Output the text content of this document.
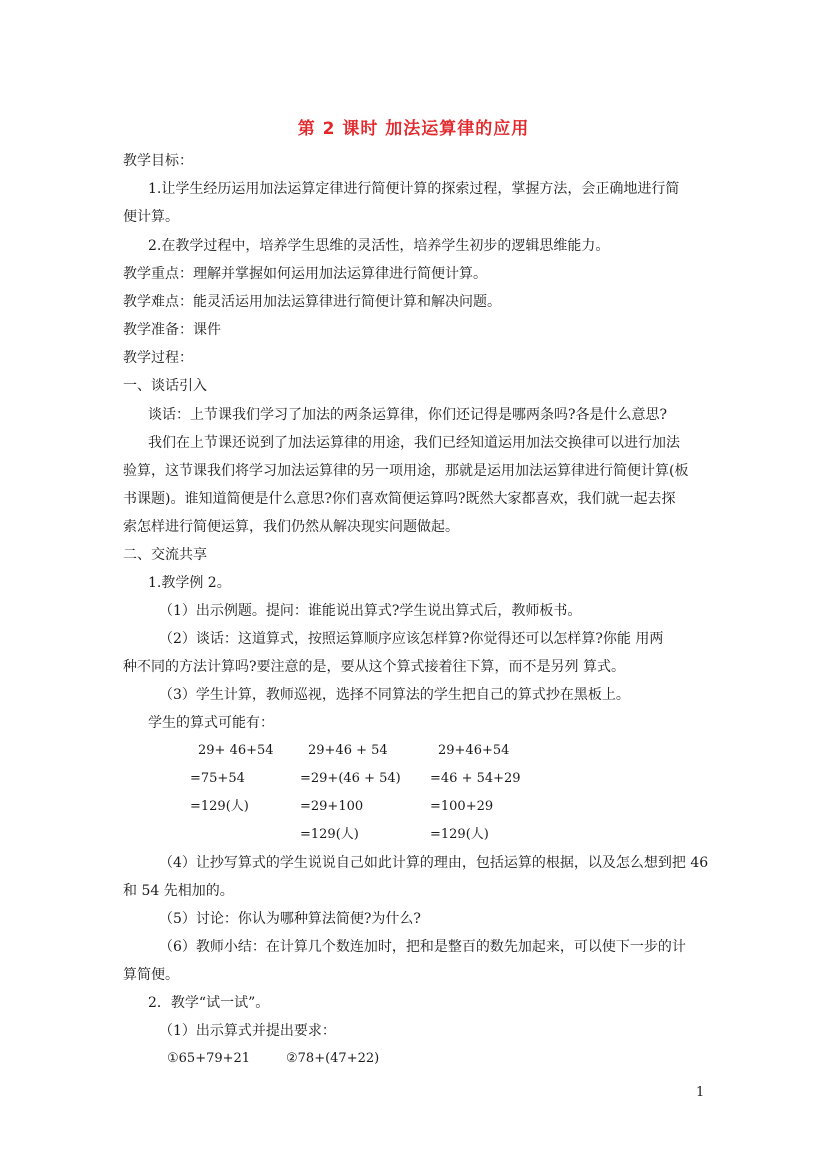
第 2 课时 加法运算律的应用
教学目标：
1.让学生经历运用加法运算定律进行简便计算的探索过程，掌握方法，会正确地进行简
便计算。
2.在教学过程中，培养学生思维的灵活性，培养学生初步的逻辑思维能力。
教学重点：理解并掌握如何运用加法运算律进行简便计算。
教学难点：能灵活运用加法运算律进行简便计算和解决问题。
教学准备：课件
教学过程：
一、谈话引入
谈话：上节课我们学习了加法的两条运算律，你们还记得是哪两条吗?各是什么意思?
我们在上节课还说到了加法运算律的用途，我们已经知道运用加法交换律可以进行加法
验算，这节课我们将学习加法运算律的另一项用途，那就是运用加法运算律进行简便计算(板
书课题)。谁知道简便是什么意思?你们喜欢简便运算吗?既然大家都喜欢，我们就一起去探
索怎样进行简便运算，我们仍然从解决现实问题做起。
二、交流共享
1.教学例 2。
（1）出示例题。提问：谁能说出算式?学生说出算式后，教师板书。
（2）谈话：这道算式，按照运算顺序应该怎样算?你觉得还可以怎样算?你能 用两
种不同的方法计算吗?要注意的是，要从这个算式接着往下算，而不是另列 算式。
（3）学生计算，教师巡视，选择不同算法的学生把自己的算式抄在黑板上。
学生的算式可能有：
29+ 46+54
=75+54
=129(人)
29+46 + 54
=29+(46 + 54)
=29+100
=129(人)
29+46+54
=46 + 54+29
=100+29
=129(人)
（4）让抄写算式的学生说说自己如此计算的理由，包括运算的根据，以及怎么想到把 46
和 54 先相加的。
（5）讨论：你认为哪种算法简便?为什么?
（6）教师小结：在计算几个数连加时，把和是整百的数先加起来，可以使下一步的计
算简便。
2．教学“试一试”。
（1）出示算式并提出要求：
①65+79+21	②78+(47+22)
1
